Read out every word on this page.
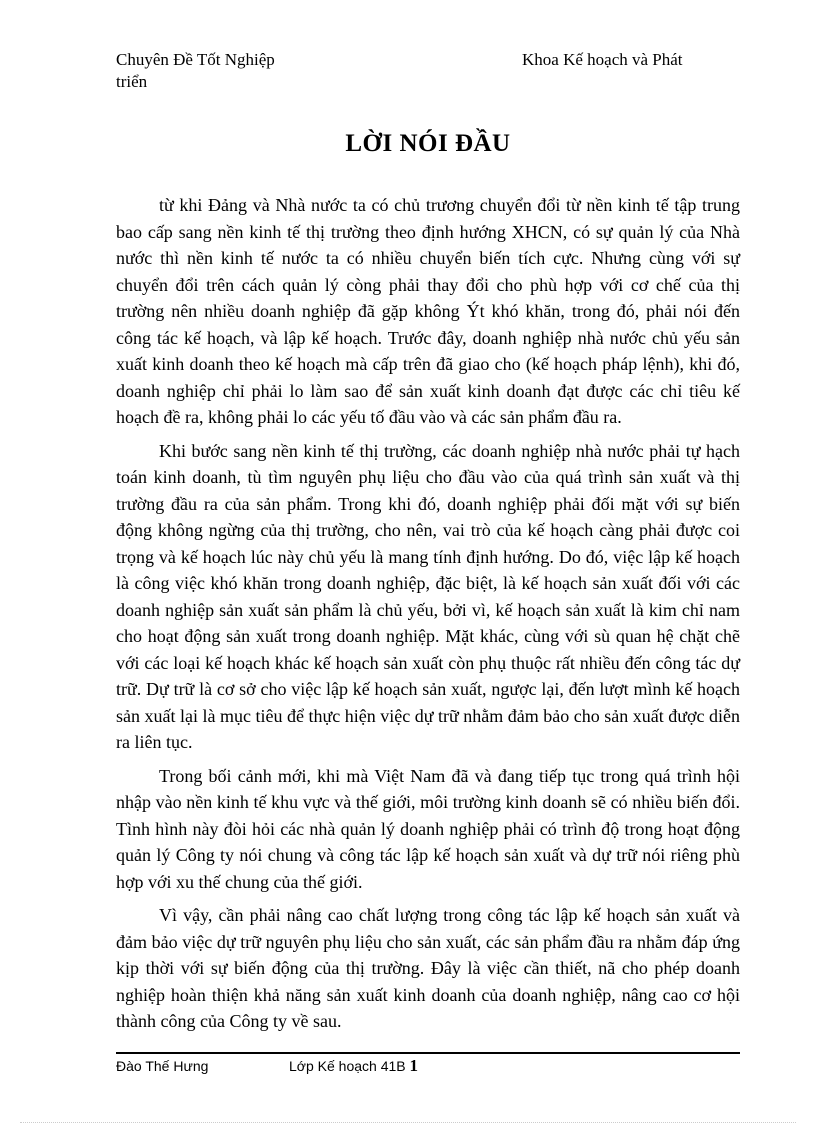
Chuyên Đề Tốt Nghiệp
triển
Khoa Kế hoạch và Phát
LỜI NÓI ĐẦU

từ khi Đảng và Nhà nước ta có chủ trương chuyển đổi từ nền kinh tế tập trung bao cấp sang nền kinh tế thị trường theo định hướng XHCN, có sự quản lý của Nhà nước thì nền kinh tế nước ta có nhiều chuyển biến tích cực. Nhưng cùng với sự chuyển đổi trên cách quản lý còng phải thay đổi cho phù hợp với cơ chế của thị trường nên nhiều doanh nghiệp đã gặp không Ýt khó khăn, trong đó, phải nói đến công tác kế hoạch, và lập kế hoạch. Trước đây, doanh nghiệp nhà nước chủ yếu sản xuất kinh doanh theo kế hoạch mà cấp trên đã giao cho (kế hoạch pháp lệnh), khi đó, doanh nghiệp chỉ phải lo làm sao để sản xuất kinh doanh đạt được các chỉ tiêu kế hoạch đề ra, không phải lo các yếu tố đầu vào và các sản phẩm đầu ra.

Khi bước sang nền kinh tế thị trường, các doanh nghiệp nhà nước phải tự hạch toán kinh doanh, tù tìm nguyên phụ liệu cho đầu vào của quá trình sản xuất và thị trường đầu ra của sản phẩm. Trong khi đó, doanh nghiệp phải đối mặt với sự biến động không ngừng của thị trường, cho nên, vai trò của kế hoạch càng phải được coi trọng và kế hoạch lúc này chủ yếu là mang tính định hướng. Do đó, việc lập kế hoạch là công việc khó khăn trong doanh nghiệp, đặc biệt, là kế hoạch sản xuất đối với các doanh nghiệp sản xuất sản phẩm là chủ yếu, bởi vì, kế hoạch sản xuất là kim chỉ nam cho hoạt động sản xuất trong doanh nghiệp. Mặt khác, cùng với sù quan hệ chặt chẽ với các loại kế hoạch khác kế hoạch sản xuất còn phụ thuộc rất nhiều đến công tác dự trữ. Dự trữ là cơ sở cho việc lập kế hoạch sản xuất, ngược lại, đến lượt mình kế hoạch sản xuất lại là mục tiêu để thực hiện việc dự trữ nhằm đảm bảo cho sản xuất được diễn ra liên tục.

Trong bối cảnh mới, khi mà Việt Nam đã và đang tiếp tục trong quá trình hội nhập vào nền kinh tế khu vực và thế giới, môi trường kinh doanh sẽ có nhiều biến đổi. Tình hình này đòi hỏi các nhà quản lý doanh nghiệp phải có trình độ trong hoạt động quản lý Công ty nói chung và công tác lập kế hoạch sản xuất và dự trữ nói riêng phù hợp với xu thế chung của thế giới.

Vì vậy, cần phải nâng cao chất lượng trong công tác lập kế hoạch sản xuất và đảm bảo việc dự trữ nguyên phụ liệu cho sản xuất, các sản phẩm đầu ra nhằm đáp ứng kịp thời với sự biến động của thị trường. Đây là việc cần thiết, nã cho phép doanh nghiệp hoàn thiện khả năng sản xuất kinh doanh của doanh nghiệp, nâng cao cơ hội thành công của Công ty về sau.

Đào Thế Hưng	Lớp Kế hoạch 41B 1
